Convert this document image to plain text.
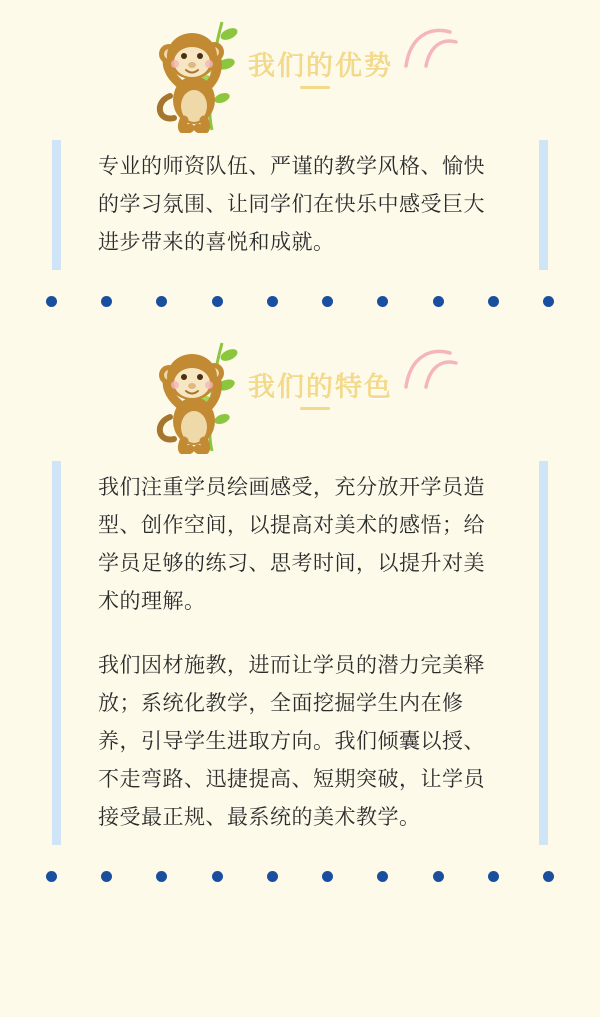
我们的优势

专业的师资队伍、严谨的教学风格、愉快的学习氛围、让同学们在快乐中感受巨大进步带来的喜悦和成就。

我们的特色

我们注重学员绘画感受，充分放开学员造型、创作空间，以提高对美术的感悟；给学员足够的练习、思考时间，以提升对美术的理解。

我们因材施教，进而让学员的潜力完美释放；系统化教学，全面挖掘学生内在修养，引导学生进取方向。我们倾囊以授、不走弯路、迅捷提高、短期突破，让学员接受最正规、最系统的美术教学。
